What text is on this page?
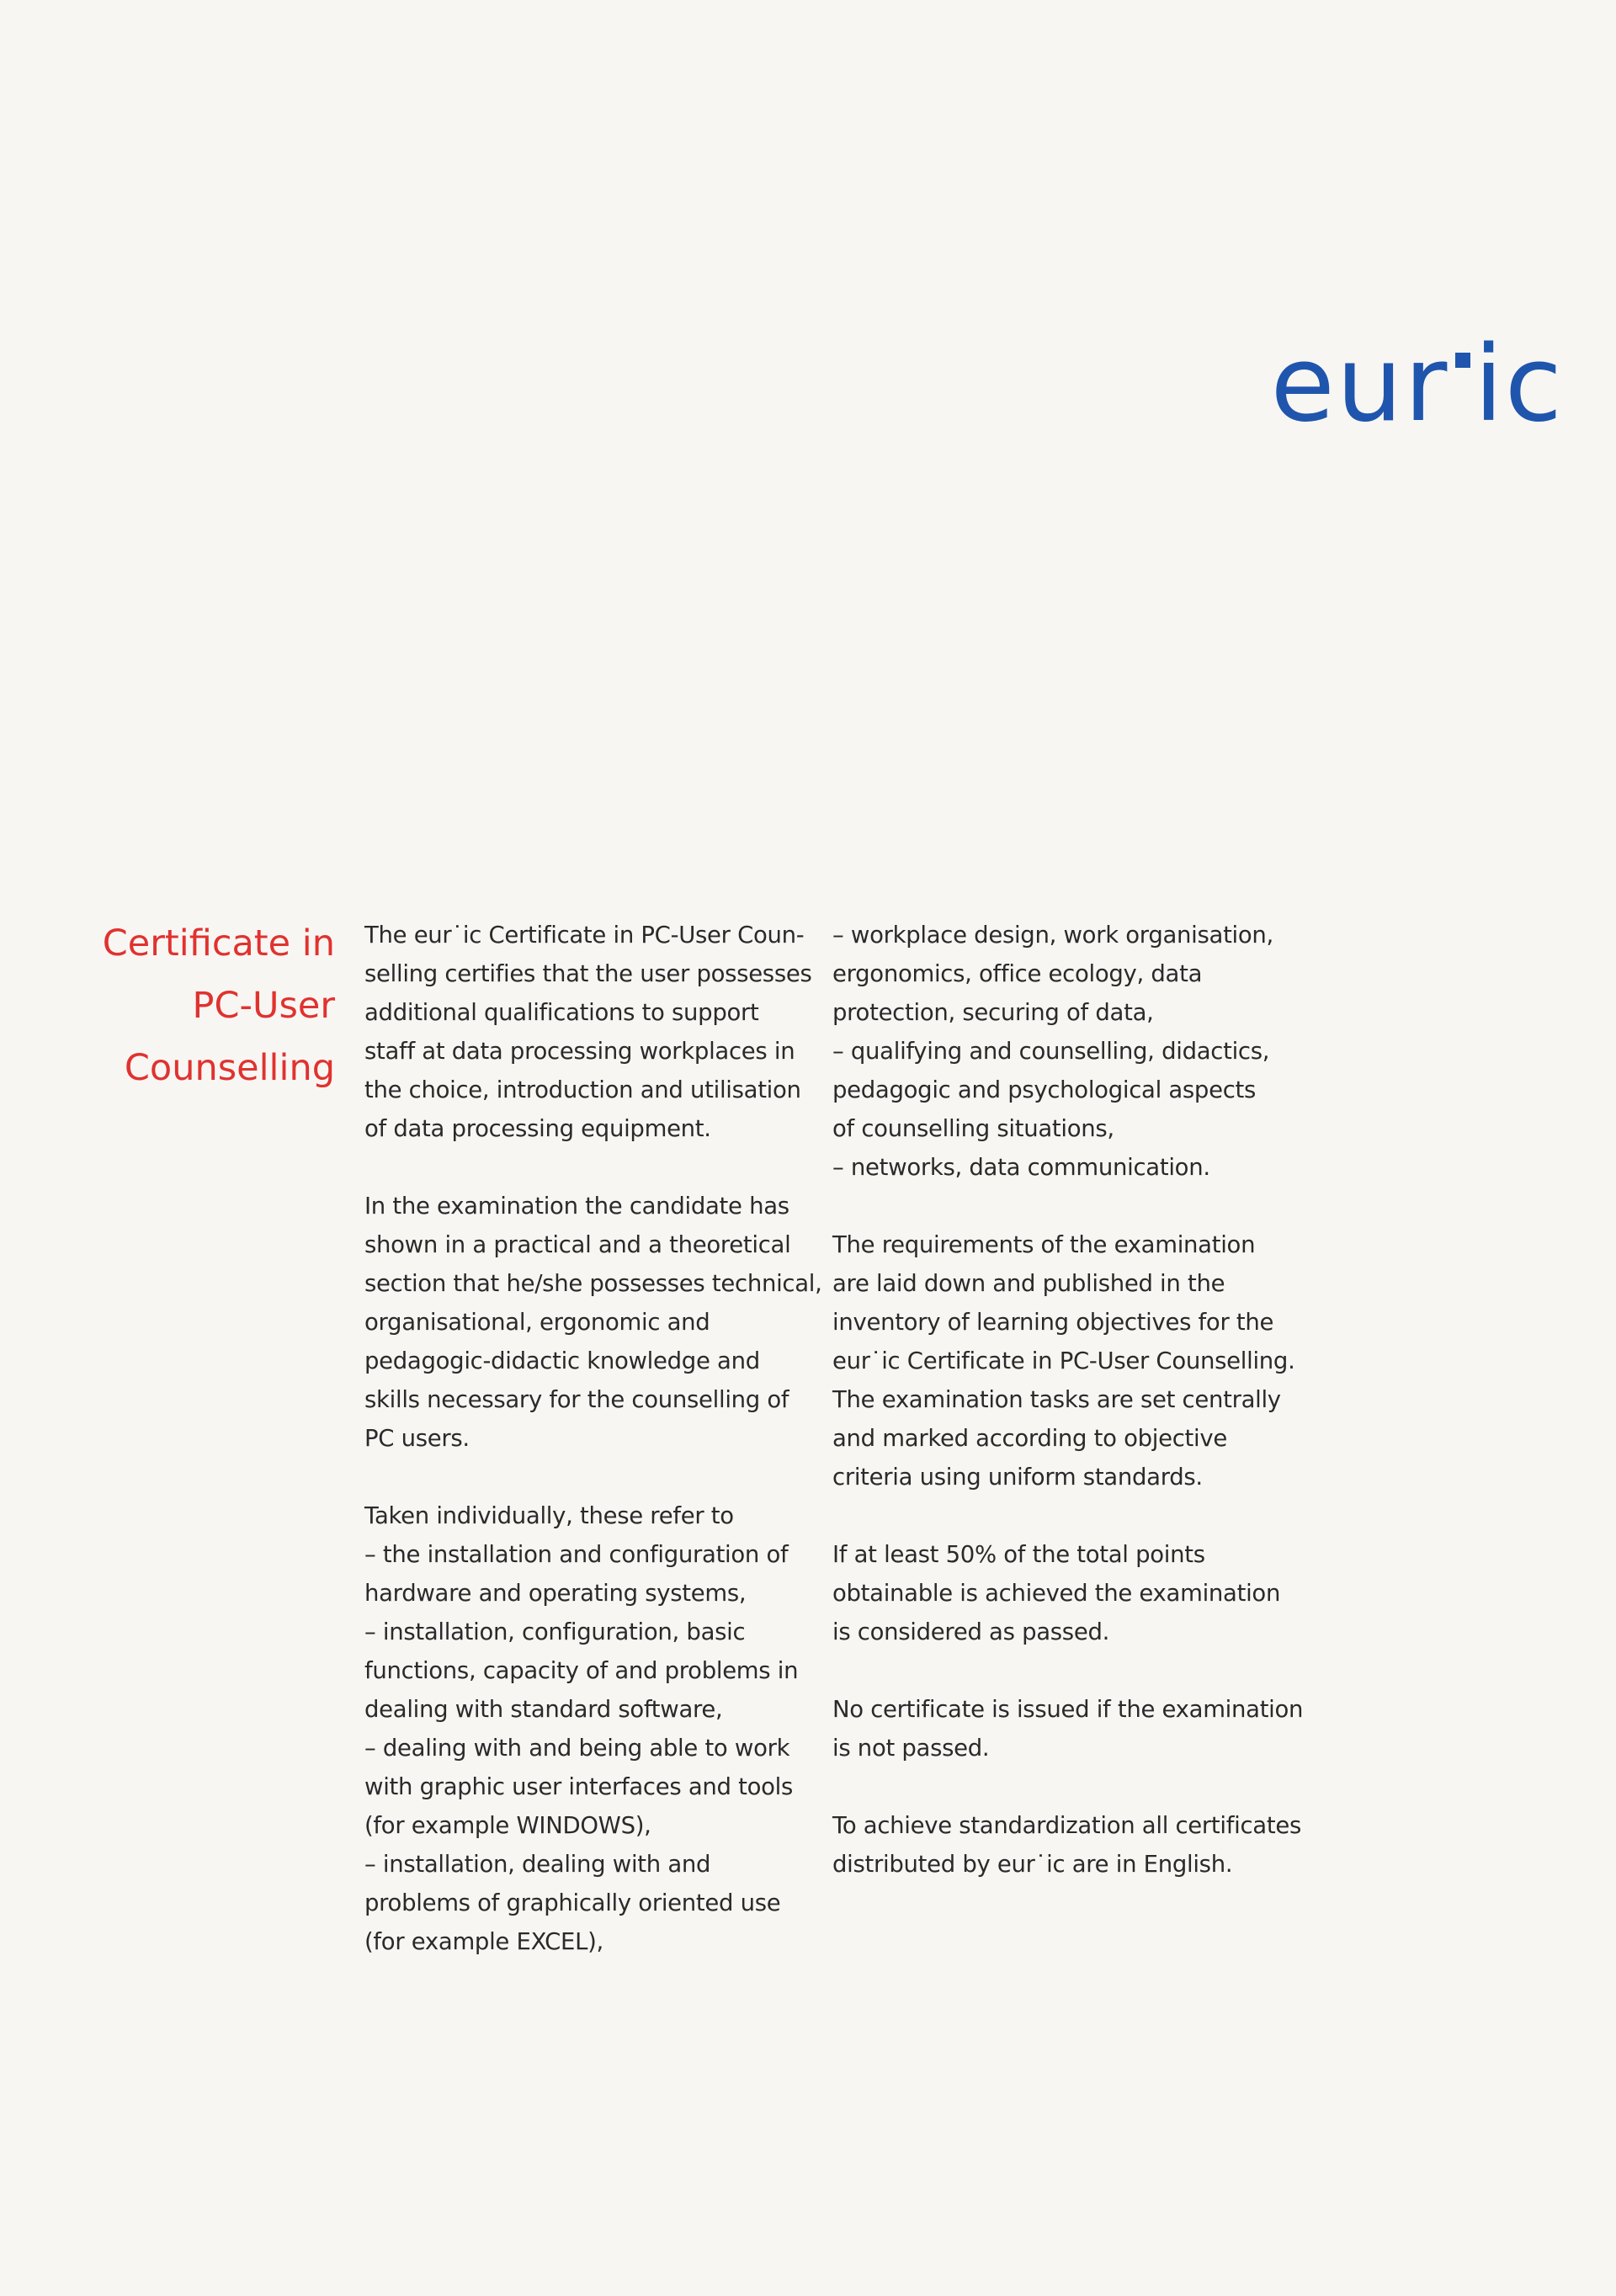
eur ic
Certificate in
PC-User
Counselling

The eur˙ic Certificate in PC-User Coun-
selling certifies that the user possesses
additional qualifications to support
staff at data processing workplaces in
the choice, introduction and utilisation
of data processing equipment.

In the examination the candidate has
shown in a practical and a theoretical
section that he/she possesses technical,
organisational, ergonomic and
pedagogic-didactic knowledge and
skills necessary for the counselling of
PC users.

Taken individually, these refer to
– the installation and configuration of
hardware and operating systems,
– installation, configuration, basic
functions, capacity of and problems in
dealing with standard software,
– dealing with and being able to work
with graphic user interfaces and tools
(for example WINDOWS),
– installation, dealing with and
problems of graphically oriented use
(for example EXCEL),

– workplace design, work organisation,
ergonomics, office ecology, data
protection, securing of data,
– qualifying and counselling, didactics,
pedagogic and psychological aspects
of counselling situations,
– networks, data communication.

The requirements of the examination
are laid down and published in the
inventory of learning objectives for the
eur˙ic Certificate in PC-User Counselling.
The examination tasks are set centrally
and marked according to objective
criteria using uniform standards.

If at least 50% of the total points
obtainable is achieved the examination
is considered as passed.

No certificate is issued if the examination
is not passed.

To achieve standardization all certificates
distributed by eur˙ic are in English.
